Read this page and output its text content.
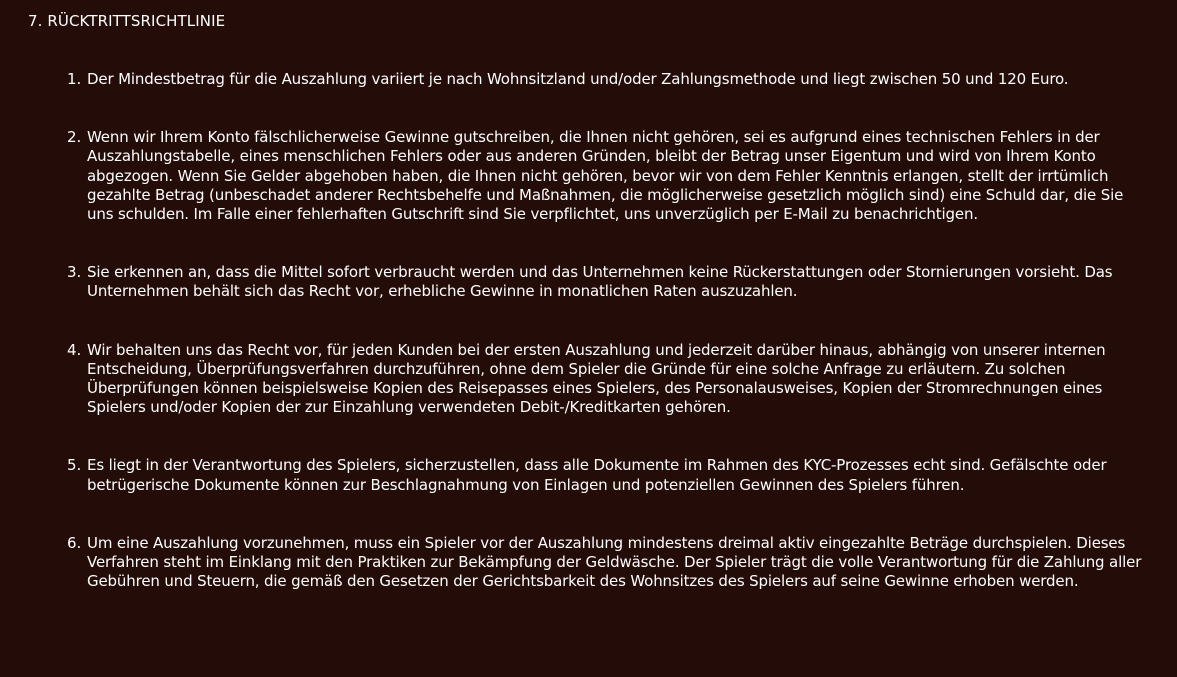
7. RÜCKTRITTSRICHTLINIE
1. Der Mindestbetrag für die Auszahlung variiert je nach Wohnsitzland und/oder Zahlungsmethode und liegt zwischen 50 und 120 Euro.
2. Wenn wir Ihrem Konto fälschlicherweise Gewinne gutschreiben, die Ihnen nicht gehören, sei es aufgrund eines technischen Fehlers in der Auszahlungstabelle, eines menschlichen Fehlers oder aus anderen Gründen, bleibt der Betrag unser Eigentum und wird von Ihrem Konto abgezogen. Wenn Sie Gelder abgehoben haben, die Ihnen nicht gehören, bevor wir von dem Fehler Kenntnis erlangen, stellt der irrtümlich gezahlte Betrag (unbeschadet anderer Rechtsbehelfe und Maßnahmen, die möglicherweise gesetzlich möglich sind) eine Schuld dar, die Sie uns schulden. Im Falle einer fehlerhaften Gutschrift sind Sie verpflichtet, uns unverzüglich per E-Mail zu benachrichtigen.
3. Sie erkennen an, dass die Mittel sofort verbraucht werden und das Unternehmen keine Rückerstattungen oder Stornierungen vorsieht. Das Unternehmen behält sich das Recht vor, erhebliche Gewinne in monatlichen Raten auszuzahlen.
4. Wir behalten uns das Recht vor, für jeden Kunden bei der ersten Auszahlung und jederzeit darüber hinaus, abhängig von unserer internen Entscheidung, Überprüfungsverfahren durchzuführen, ohne dem Spieler die Gründe für eine solche Anfrage zu erläutern. Zu solchen Überprüfungen können beispielsweise Kopien des Reisepasses eines Spielers, des Personalausweises, Kopien der Stromrechnungen eines Spielers und/oder Kopien der zur Einzahlung verwendeten Debit-/Kreditkarten gehören.
5. Es liegt in der Verantwortung des Spielers, sicherzustellen, dass alle Dokumente im Rahmen des KYC-Prozesses echt sind. Gefälschte oder betrügerische Dokumente können zur Beschlagnahmung von Einlagen und potenziellen Gewinnen des Spielers führen.
6. Um eine Auszahlung vorzunehmen, muss ein Spieler vor der Auszahlung mindestens dreimal aktiv eingezahlte Beträge durchspielen. Dieses Verfahren steht im Einklang mit den Praktiken zur Bekämpfung der Geldwäsche. Der Spieler trägt die volle Verantwortung für die Zahlung aller Gebühren und Steuern, die gemäß den Gesetzen der Gerichtsbarkeit des Wohnsitzes des Spielers auf seine Gewinne erhoben werden.
